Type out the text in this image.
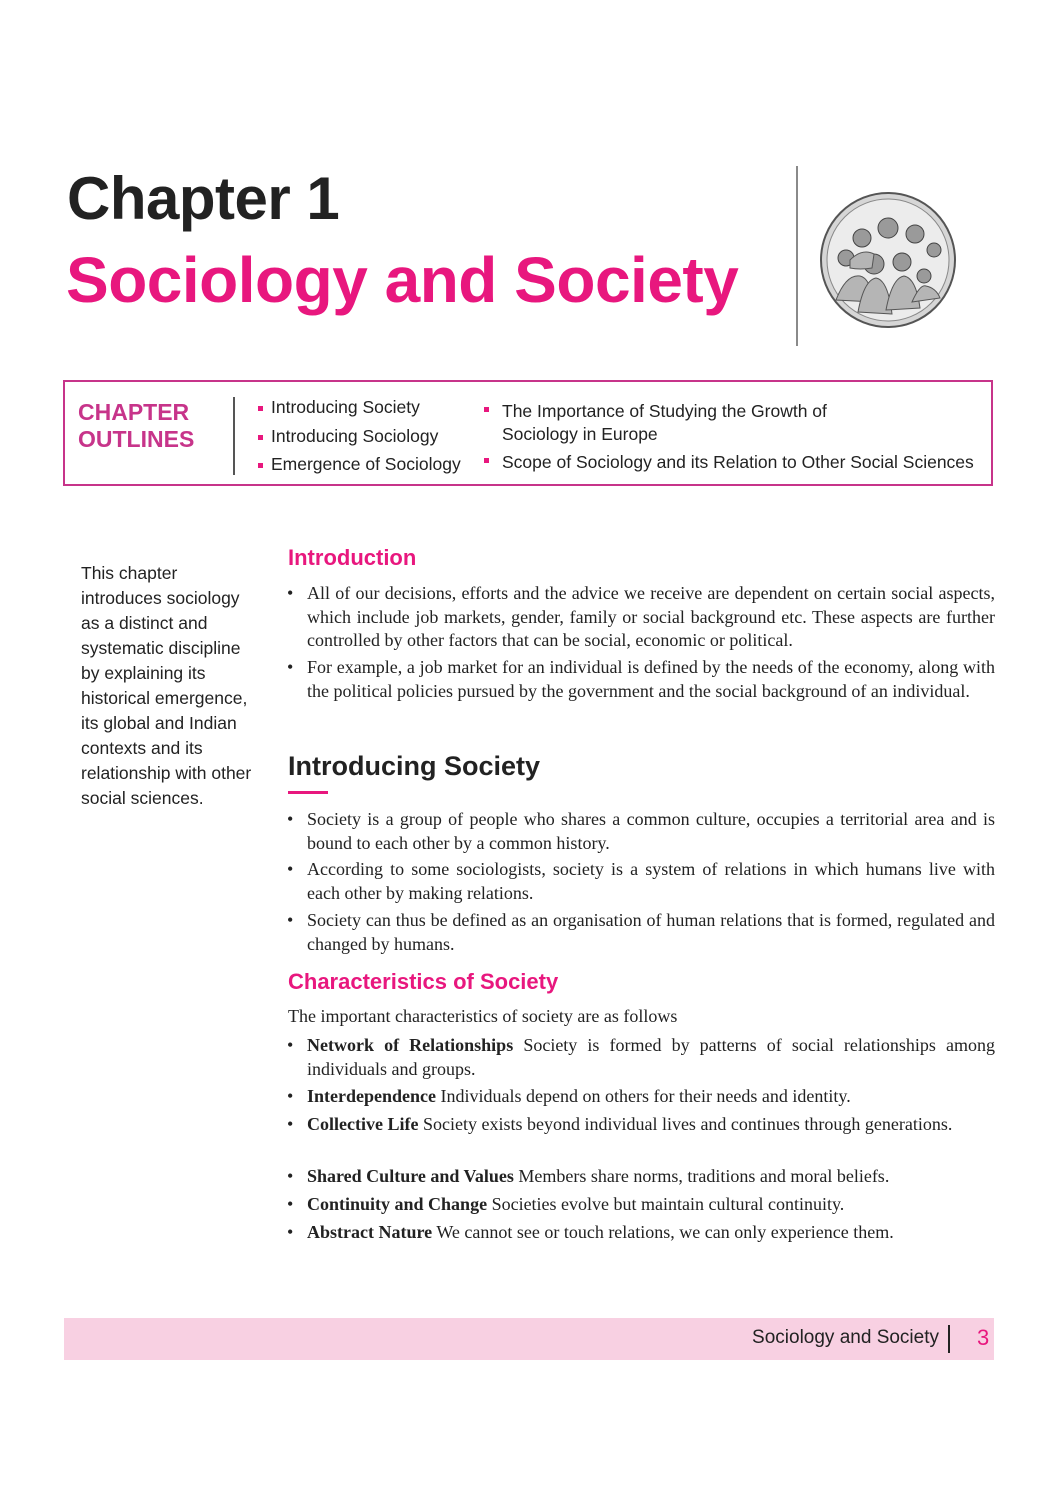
Chapter 1
Sociology and Society
CHAPTER
OUTLINES
Introducing Society
Introducing Sociology
Emergence of Sociology
The Importance of Studying the Growth of
Sociology in Europe
Scope of Sociology and its Relation to Other Social Sciences
This chapter introduces sociology as a distinct and systematic discipline by explaining its historical emergence, its global and Indian contexts and its relationship with other social sciences.
Introduction
• All of our decisions, efforts and the advice we receive are dependent on certain social aspects, which include job markets, gender, family or social background etc. These aspects are further controlled by other factors that can be social, economic or political.
• For example, a job market for an individual is defined by the needs of the economy, along with the political policies pursued by the government and the social background of an individual.
Introducing Society
• Society is a group of people who shares a common culture, occupies a territorial area and is bound to each other by a common history.
• According to some sociologists, society is a system of relations in which humans live with each other by making relations.
• Society can thus be defined as an organisation of human relations that is formed, regulated and changed by humans.
Characteristics of Society
The important characteristics of society are as follows
• Network of Relationships Society is formed by patterns of social relationships among individuals and groups.
• Interdependence Individuals depend on others for their needs and identity.
• Collective Life Society exists beyond individual lives and continues through generations.
• Shared Culture and Values Members share norms, traditions and moral beliefs.
• Continuity and Change Societies evolve but maintain cultural continuity.
• Abstract Nature We cannot see or touch relations, we can only experience them.
Sociology and Society 3
